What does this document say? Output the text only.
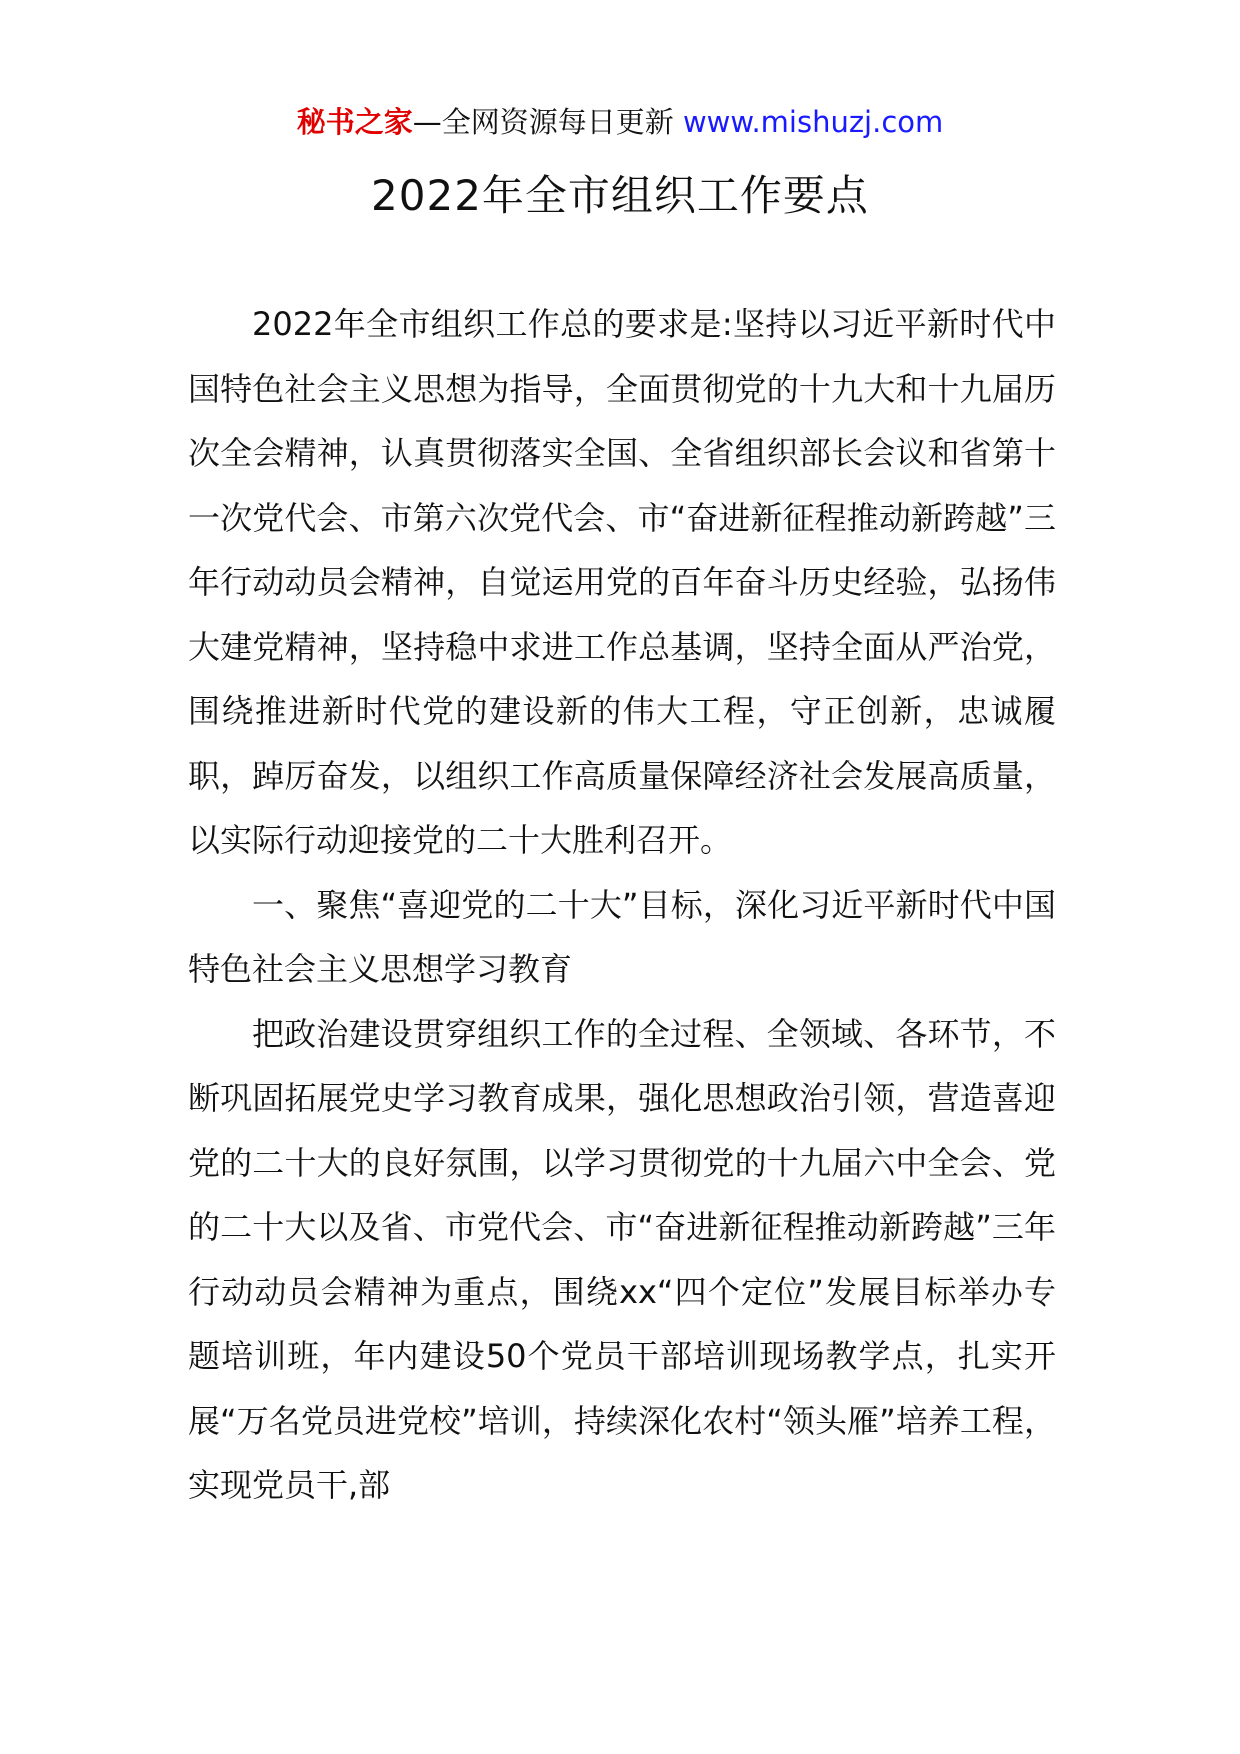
秘书之家—全网资源每日更新 www.mishuzj.com
2022年全市组织工作要点

2022年全市组织工作总的要求是:坚持以习近平新时代中国特色社会主义思想为指导，全面贯彻党的十九大和十九届历次全会精神，认真贯彻落实全国、全省组织部长会议和省第十一次党代会、市第六次党代会、市“奋进新征程推动新跨越”三年行动动员会精神，自觉运用党的百年奋斗历史经验，弘扬伟大建党精神，坚持稳中求进工作总基调，坚持全面从严治党，围绕推进新时代党的建设新的伟大工程，守正创新，忠诚履职，踔厉奋发，以组织工作高质量保障经济社会发展高质量，以实际行动迎接党的二十大胜利召开。

一、聚焦“喜迎党的二十大”目标，深化习近平新时代中国特色社会主义思想学习教育

把政治建设贯穿组织工作的全过程、全领域、各环节，不断巩固拓展党史学习教育成果，强化思想政治引领，营造喜迎党的二十大的良好氛围，以学习贯彻党的十九届六中全会、党的二十大以及省、市党代会、市“奋进新征程推动新跨越”三年行动动员会精神为重点，围绕xx“四个定位”发展目标举办专题培训班，年内建设50个党员干部培训现场教学点，扎实开展“万名党员进党校”培训，持续深化农村“领头雁”培养工程，实现党员干,部
